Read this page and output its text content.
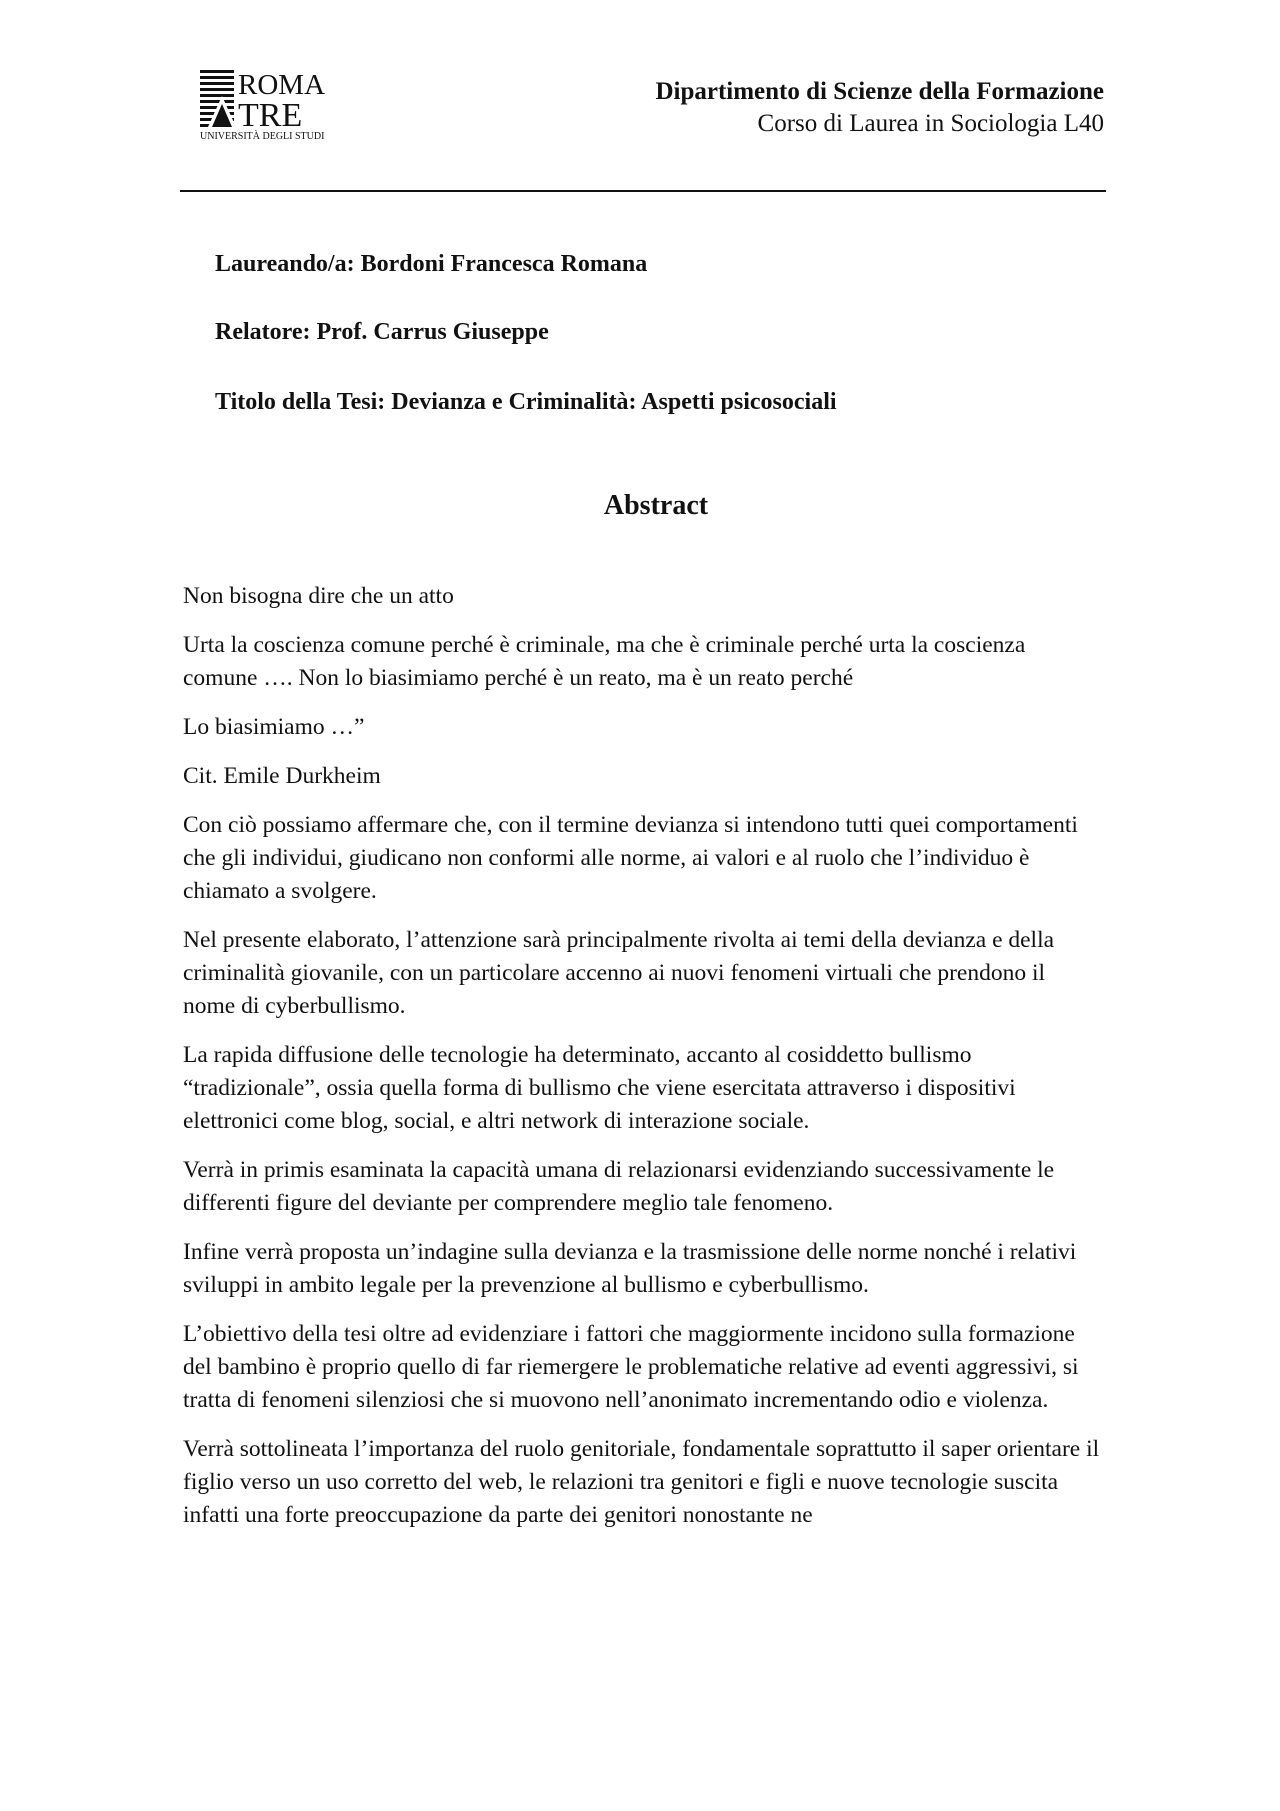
ROMA
TRE
UNIVERSITÀ DEGLI STUDI
Dipartimento di Scienze della Formazione
Corso di Laurea in Sociologia L40
Laureando/a: Bordoni Francesca Romana
Relatore: Prof. Carrus Giuseppe
Titolo della Tesi: Devianza e Criminalità: Aspetti psicosociali
Abstract

Non bisogna dire che un atto

Urta la coscienza comune perché è criminale, ma che è criminale perché urta la coscienza comune …. Non lo biasimiamo perché è un reato, ma è un reato perché

Lo biasimiamo …”

Cit. Emile Durkheim

Con ciò possiamo affermare che, con il termine devianza si intendono tutti quei comportamenti che gli individui, giudicano non conformi alle norme, ai valori e al ruolo che l’individuo è chiamato a svolgere.

Nel presente elaborato, l’attenzione sarà principalmente rivolta ai temi della devianza e della criminalità giovanile, con un particolare accenno ai nuovi fenomeni virtuali che prendono il nome di cyberbullismo.

La rapida diffusione delle tecnologie ha determinato, accanto al cosiddetto bullismo “tradizionale”, ossia quella forma di bullismo che viene esercitata attraverso i dispositivi elettronici come blog, social, e altri network di interazione sociale.

Verrà in primis esaminata la capacità umana di relazionarsi evidenziando successivamente le differenti figure del deviante per comprendere meglio tale fenomeno.

Infine verrà proposta un’indagine sulla devianza e la trasmissione delle norme nonché i relativi sviluppi in ambito legale per la prevenzione al bullismo e cyberbullismo.

L’obiettivo della tesi oltre ad evidenziare i fattori che maggiormente incidono sulla formazione del bambino è proprio quello di far riemergere le problematiche relative ad eventi aggressivi, si tratta di fenomeni silenziosi che si muovono nell’anonimato incrementando odio e violenza.

Verrà sottolineata l’importanza del ruolo genitoriale, fondamentale soprattutto il saper orientare il figlio verso un uso corretto del web, le relazioni tra genitori e figli e nuove tecnologie suscita infatti una forte preoccupazione da parte dei genitori nonostante ne
